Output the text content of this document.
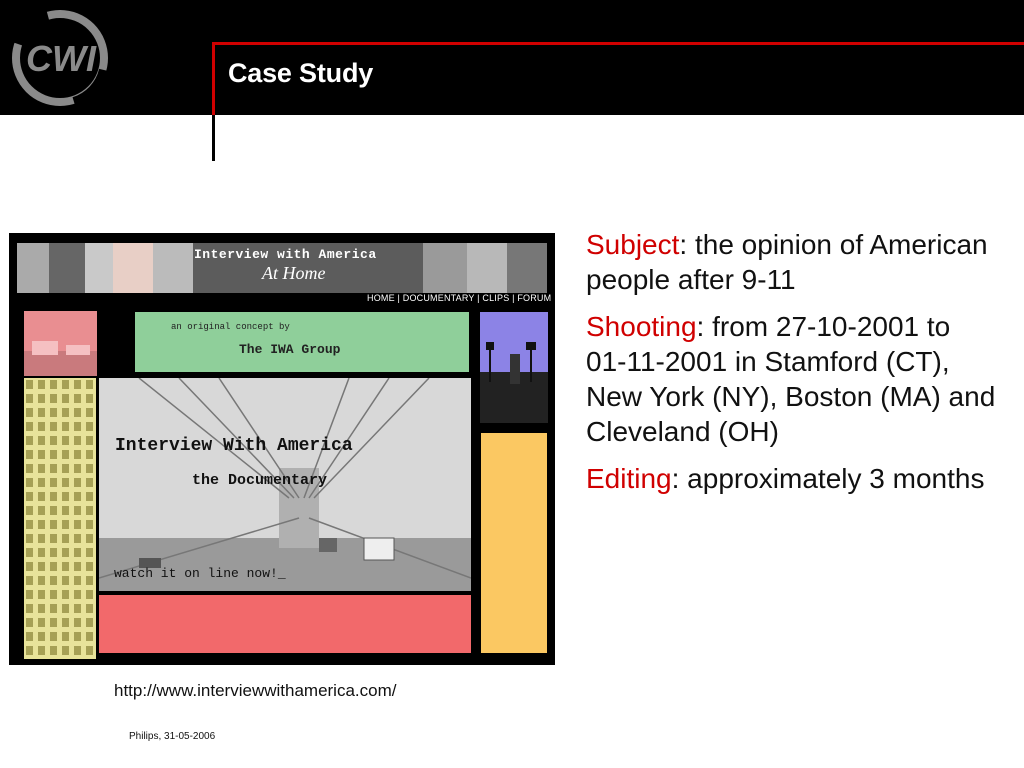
CWI	Case Study
Interview with America
At Home
HOME | DOCUMENTARY | CLIPS | FORUM
an original concept by
The IWA Group
Interview With America
the Documentary
watch it on line now!_
http://www.interviewwithamerica.com/

Subject: the opinion of American people after 9-11

Shooting: from 27-10-2001 to 01-11-2001 in Stamford (CT), New York (NY), Boston (MA) and Cleveland (OH)

Editing: approximately 3 months

Philips, 31-05-2006
